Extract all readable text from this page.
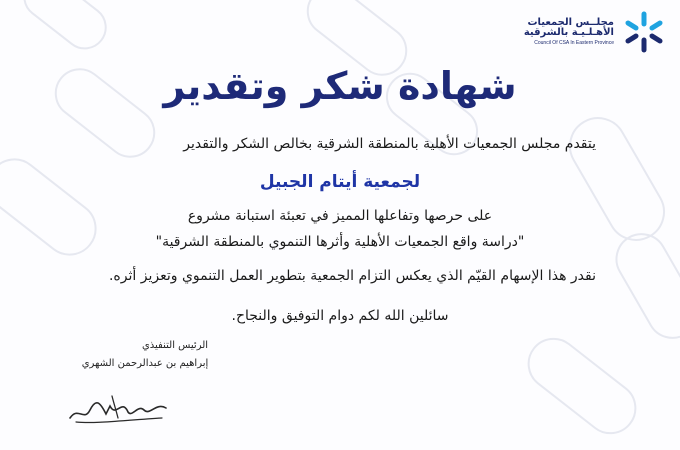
مجلــس الجمعيات
الأهـلـيـة بالشرقية
Council Of CSA In Eastern Province
شهادة شكر وتقدير
يتقدم مجلس الجمعيات الأهلية بالمنطقة الشرقية بخالص الشكر والتقدير
لجمعية أيتام الجبيل
على حرصها وتفاعلها المميز في تعبئة استبانة مشروع
"دراسة واقع الجمعيات الأهلية وأثرها التنموي بالمنطقة الشرقية"
نقدر هذا الإسهام القيّم الذي يعكس التزام الجمعية بتطوير العمل التنموي وتعزيز أثره.
سائلين الله لكم دوام التوفيق والنجاح.
الرئيس التنفيذي
إبراهيم بن عبدالرحمن الشهري
